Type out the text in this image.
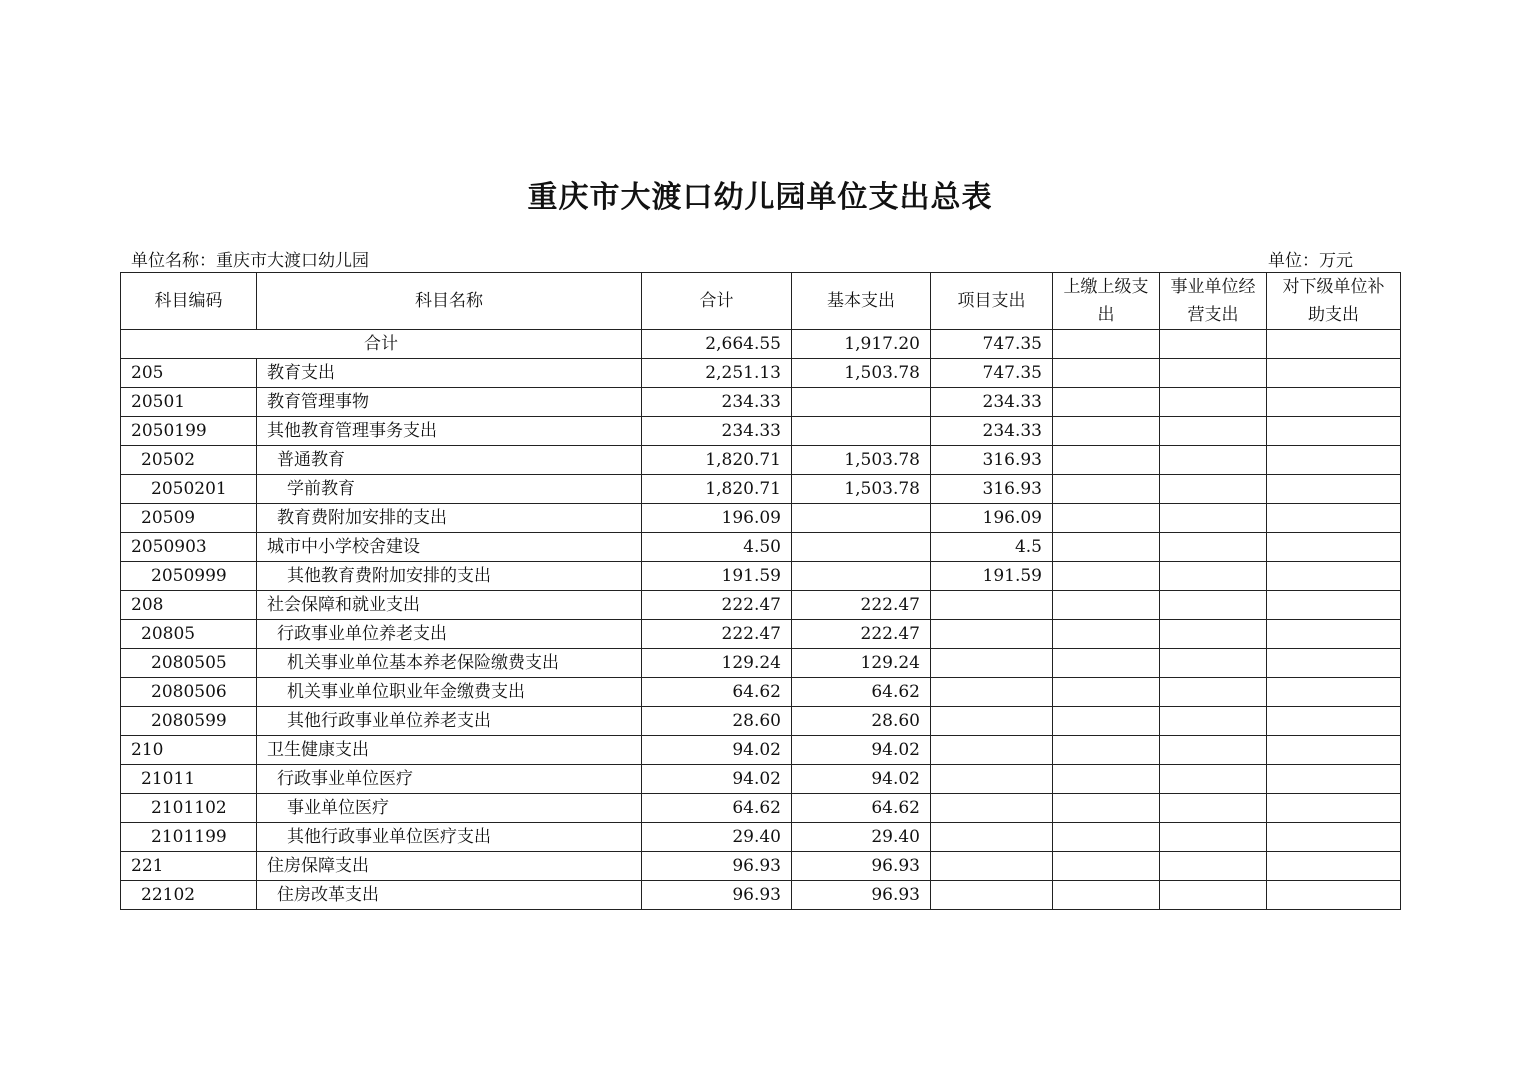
重庆市大渡口幼儿园单位支出总表
单位名称：重庆市大渡口幼儿园	单位：万元
科目编码	科目名称	合计	基本支出	项目支出	上缴上级支出	事业单位经营支出	对下级单位补助支出
合计		2,664.55	1,917.20	747.35			
205	教育支出	2,251.13	1,503.78	747.35			
20501	教育管理事物	234.33		234.33			
2050199	其他教育管理事务支出	234.33		234.33			
20502	普通教育	1,820.71	1,503.78	316.93			
2050201	学前教育	1,820.71	1,503.78	316.93			
20509	教育费附加安排的支出	196.09		196.09			
2050903	城市中小学校舍建设	4.50		4.5			
2050999	其他教育费附加安排的支出	191.59		191.59			
208	社会保障和就业支出	222.47	222.47				
20805	行政事业单位养老支出	222.47	222.47				
2080505	机关事业单位基本养老保险缴费支出	129.24	129.24				
2080506	机关事业单位职业年金缴费支出	64.62	64.62				
2080599	其他行政事业单位养老支出	28.60	28.60				
210	卫生健康支出	94.02	94.02				
21011	行政事业单位医疗	94.02	94.02				
2101102	事业单位医疗	64.62	64.62				
2101199	其他行政事业单位医疗支出	29.40	29.40				
221	住房保障支出	96.93	96.93				
22102	住房改革支出	96.93	96.93				
